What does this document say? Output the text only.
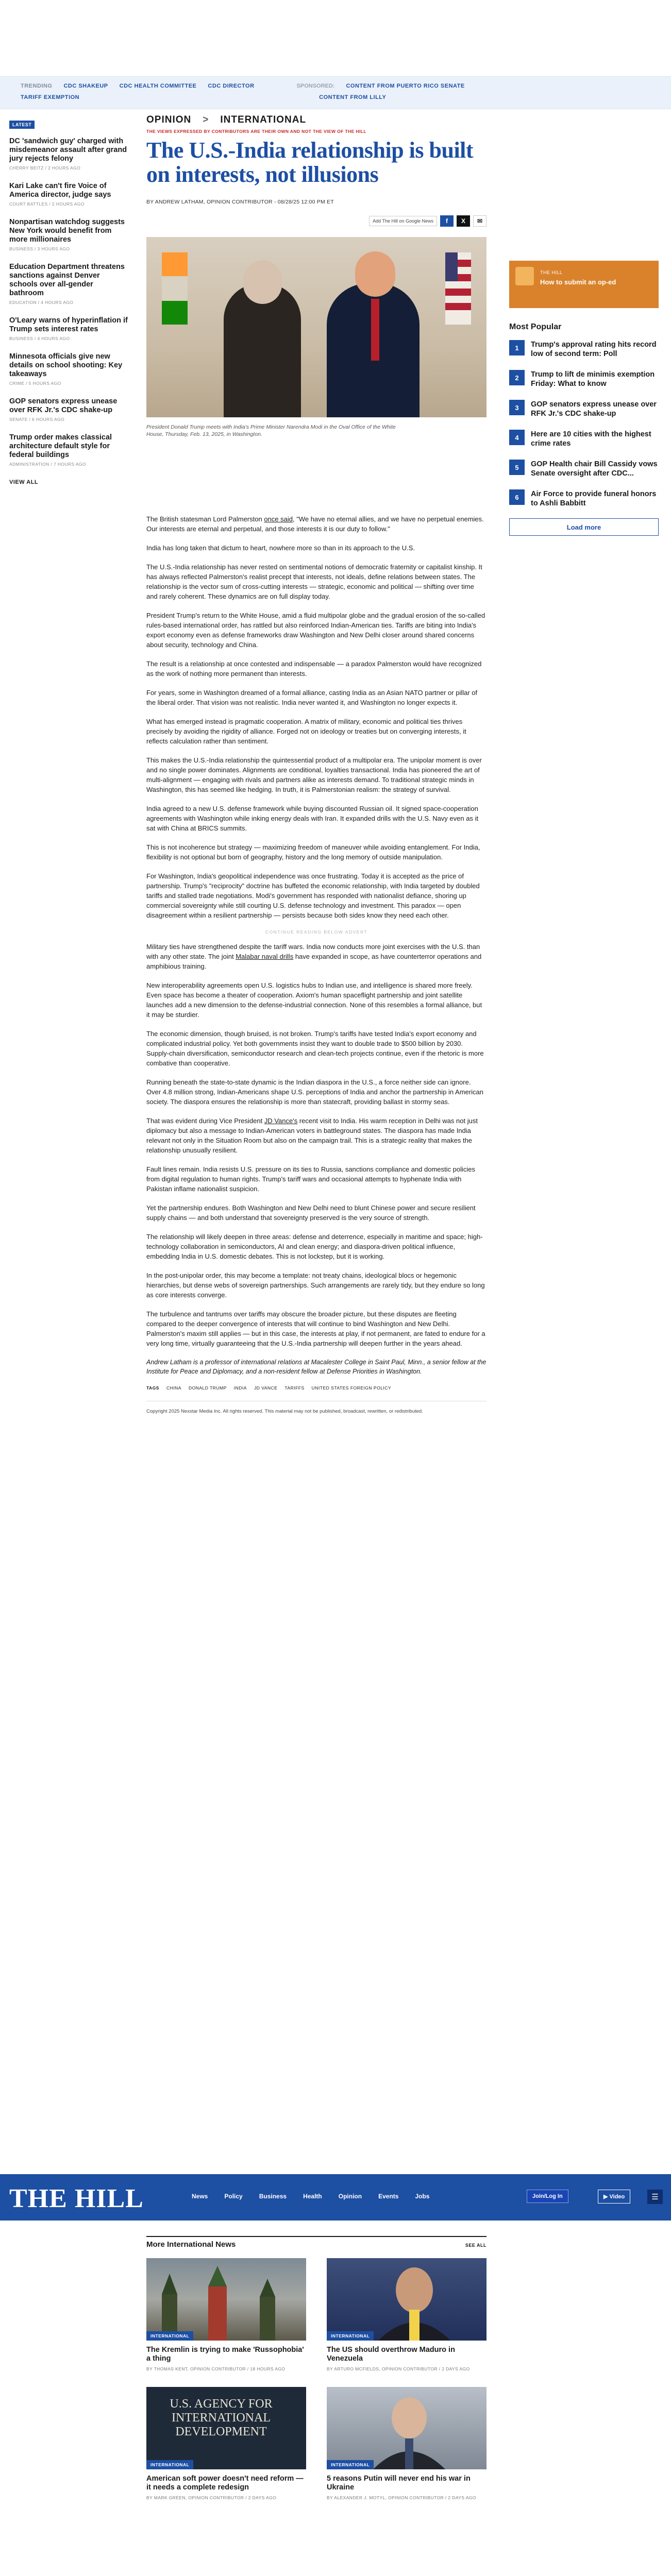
TRENDING CDC SHAKEUP CDC HEALTH COMMITTEE CDC DIRECTOR	SPONSORED: CONTENT FROM PUERTO RICO SENATE
TARIFF EXEMPTION	CONTENT FROM LILLY
LATEST
DC 'sandwich guy' charged with misdemeanor assault after grand jury rejects felony
CHERRY BEITZ / 2 HOURS AGO
Kari Lake can't fire Voice of America director, judge says
COURT BATTLES / 2 HOURS AGO
Nonpartisan watchdog suggests New York would benefit from more millionaires
BUSINESS / 3 HOURS AGO
Education Department threatens sanctions against Denver schools over all-gender bathroom
EDUCATION / 4 HOURS AGO
O'Leary warns of hyperinflation if Trump sets interest rates
BUSINESS / 4 HOURS AGO
Minnesota officials give new details on school shooting: Key takeaways
CRIME / 5 HOURS AGO
GOP senators express unease over RFK Jr.'s CDC shake-up
SENATE / 6 HOURS AGO
Trump order makes classical architecture default style for federal buildings
ADMINISTRATION / 7 HOURS AGO
VIEW ALL
OPINION > INTERNATIONAL
THE VIEWS EXPRESSED BY CONTRIBUTORS ARE THEIR OWN AND NOT THE VIEW OF THE HILL
The U.S.-India relationship is built on interests, not illusions
BY ANDREW LATHAM, OPINION CONTRIBUTOR - 08/28/25 12:00 PM ET
Add The Hill on Google News	f	X	✉
President Donald Trump meets with India's Prime Minister Narendra Modi in the Oval Office of the White House, Thursday, Feb. 13, 2025, in Washington.

The British statesman Lord Palmerston once said, "We have no eternal allies, and we have no perpetual enemies. Our interests are eternal and perpetual, and those interests it is our duty to follow."

India has long taken that dictum to heart, nowhere more so than in its approach to the U.S.

The U.S.-India relationship has never rested on sentimental notions of democratic fraternity or capitalist kinship. It has always reflected Palmerston's realist precept that interests, not ideals, define relations between states. The relationship is the vector sum of cross-cutting interests — strategic, economic and political — shifting over time and rarely coherent. These dynamics are on full display today.

President Trump's return to the White House, amid a fluid multipolar globe and the gradual erosion of the so-called rules-based international order, has rattled but also reinforced Indian-American ties. Tariffs are biting into India's export economy even as defense frameworks draw Washington and New Delhi closer around shared concerns about security, technology and China.

The result is a relationship at once contested and indispensable — a paradox Palmerston would have recognized as the work of nothing more permanent than interests.

For years, some in Washington dreamed of a formal alliance, casting India as an Asian NATO partner or pillar of the liberal order. That vision was not realistic. India never wanted it, and Washington no longer expects it.

What has emerged instead is pragmatic cooperation. A matrix of military, economic and political ties thrives precisely by avoiding the rigidity of alliance. Forged not on ideology or treaties but on converging interests, it reflects calculation rather than sentiment.

This makes the U.S.-India relationship the quintessential product of a multipolar era. The unipolar moment is over and no single power dominates. Alignments are conditional, loyalties transactional. India has pioneered the art of multi-alignment — engaging with rivals and partners alike as interests demand. To traditional strategic minds in Washington, this has seemed like hedging. In truth, it is Palmerstonian realism: the strategy of survival.

India agreed to a new U.S. defense framework while buying discounted Russian oil. It signed space-cooperation agreements with Washington while inking energy deals with Iran. It expanded drills with the U.S. Navy even as it sat with China at BRICS summits.

This is not incoherence but strategy — maximizing freedom of maneuver while avoiding entanglement. For India, flexibility is not optional but born of geography, history and the long memory of outside manipulation.

For Washington, India's geopolitical independence was once frustrating. Today it is accepted as the price of partnership. Trump's "reciprocity" doctrine has buffeted the economic relationship, with India targeted by doubled tariffs and stalled trade negotiations. Modi's government has responded with nationalist defiance, shoring up commercial sovereignty while still courting U.S. defense technology and investment. This paradox — open disagreement within a resilient partnership — persists because both sides know they need each other.

CONTINUE READING BELOW ADVERT

Military ties have strengthened despite the tariff wars. India now conducts more joint exercises with the U.S. than with any other state. The joint Malabar naval drills have expanded in scope, as have counterterror operations and amphibious training.

New interoperability agreements open U.S. logistics hubs to Indian use, and intelligence is shared more freely. Even space has become a theater of cooperation. Axiom's human spaceflight partnership and joint satellite launches add a new dimension to the defense-industrial connection. None of this resembles a formal alliance, but it may be sturdier.

The economic dimension, though bruised, is not broken. Trump's tariffs have tested India's export economy and complicated industrial policy. Yet both governments insist they want to double trade to $500 billion by 2030. Supply-chain diversification, semiconductor research and clean-tech projects continue, even if the rhetoric is more combative than cooperative.

Running beneath the state-to-state dynamic is the Indian diaspora in the U.S., a force neither side can ignore. Over 4.8 million strong, Indian-Americans shape U.S. perceptions of India and anchor the partnership in American society. The diaspora ensures the relationship is more than statecraft, providing ballast in stormy seas.

That was evident during Vice President JD Vance's recent visit to India. His warm reception in Delhi was not just diplomacy but also a message to Indian-American voters in battleground states. The diaspora has made India relevant not only in the Situation Room but also on the campaign trail. This is a strategic reality that makes the relationship unusually resilient.

Fault lines remain. India resists U.S. pressure on its ties to Russia, sanctions compliance and domestic policies from digital regulation to human rights. Trump's tariff wars and occasional attempts to hyphenate India with Pakistan inflame nationalist suspicion.

Yet the partnership endures. Both Washington and New Delhi need to blunt Chinese power and secure resilient supply chains — and both understand that sovereignty preserved is the very source of strength.

The relationship will likely deepen in three areas: defense and deterrence, especially in maritime and space; high-technology collaboration in semiconductors, AI and clean energy; and diaspora-driven political influence, embedding India in U.S. domestic debates. This is not lockstep, but it is working.

In the post-unipolar order, this may become a template: not treaty chains, ideological blocs or hegemonic hierarchies, but dense webs of sovereign partnerships. Such arrangements are rarely tidy, but they endure so long as core interests converge.

The turbulence and tantrums over tariffs may obscure the broader picture, but these disputes are fleeting compared to the deeper convergence of interests that will continue to bind Washington and New Delhi. Palmerston's maxim still applies — but in this case, the interests at play, if not permanent, are fated to endure for a very long time, virtually guaranteeing that the U.S.-India partnership will deepen further in the years ahead.

Andrew Latham is a professor of international relations at Macalester College in Saint Paul, Minn., a senior fellow at the Institute for Peace and Diplomacy, and a non-resident fellow at Defense Priorities in Washington.

TAGS CHINA DONALD TRUMP INDIA JD VANCE TARIFFS UNITED STATES FOREIGN POLICY
Copyright 2025 Nexstar Media Inc. All rights reserved. This material may not be published, broadcast, rewritten, or redistributed.
THE HILL
How to submit an op-ed
Most Popular
1	Trump's approval rating hits record low of second term: Poll
2	Trump to lift de minimis exemption Friday: What to know
3	GOP senators express unease over RFK Jr.'s CDC shake-up
4	Here are 10 cities with the highest crime rates
5	GOP Health chair Bill Cassidy vows Senate oversight after CDC...
6	Air Force to provide funeral honors to Ashli Babbitt
Load more
THE HILL	News	Policy	Business	Health	Opinion	Events	Jobs	Join/Log In	▶ Video	☰
More International News	SEE ALL
INTERNATIONAL
The Kremlin is trying to make 'Russophobia' a thing
BY THOMAS KENT, OPINION CONTRIBUTOR / 18 HOURS AGO
INTERNATIONAL
The US should overthrow Maduro in Venezuela
BY ARTURO MCFIELDS, OPINION CONTRIBUTOR / 2 DAYS AGO
U.S. AGENCY FOR INTERNATIONAL DEVELOPMENT
INTERNATIONAL
American soft power doesn't need reform — it needs a complete redesign
BY MARK GREEN, OPINION CONTRIBUTOR / 2 DAYS AGO
INTERNATIONAL
5 reasons Putin will never end his war in Ukraine
BY ALEXANDER J. MOTYL, OPINION CONTRIBUTOR / 2 DAYS AGO
